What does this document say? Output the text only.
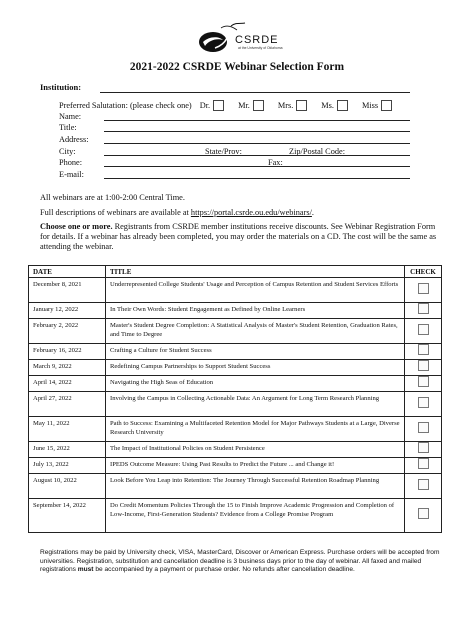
CSRDE
at the University of Oklahoma
2021-2022 CSRDE Webinar Selection Form
Institution:
Preferred Salutation: (please check one) Dr.	Mr.	Mrs.	Ms.	Miss
Name:
Title:
Address:
City:	State/Prov:	Zip/Postal Code:
Phone:	Fax:
E-mail:
All webinars are at 1:00-2:00 Central Time.
Full descriptions of webinars are available at https://portal.csrde.ou.edu/webinars/.
Choose one or more. Registrants from CSRDE member institutions receive discounts. See Webinar Registration Form for details. If a webinar has already been completed, you may order the materials on a CD. The cost will be the same as attending the webinar.
DATE	TITLE	CHECK
December 8, 2021	Underrepresented College Students' Usage and Perception of Campus Retention and Student Services Efforts	
January 12, 2022	In Their Own Words: Student Engagement as Defined by Online Learners	
February 2, 2022	Master's Student Degree Completion: A Statistical Analysis of Master's Student Retention, Graduation Rates, and Time to Degree	
February 16, 2022	Crafting a Culture for Student Success	
March 9, 2022	Redefining Campus Partnerships to Support Student Success	
April 14, 2022	Navigating the High Seas of Education	
April 27, 2022	Involving the Campus in Collecting Actionable Data: An Argument for Long Term Research Planning	
May 11, 2022	Path to Success: Examining a Multifaceted Retention Model for Major Pathways Students at a Large, Diverse Research University	
June 15, 2022	The Impact of Institutional Policies on Student Persistence	
July 13, 2022	IPEDS Outcome Measure: Using Past Results to Predict the Future ... and Change it!	
August 10, 2022	Look Before You Leap into Retention: The Journey Through Successful Retention Roadmap Planning	
September 14, 2022	Do Credit Momentum Policies Through the 15 to Finish Improve Academic Progression and Completion of Low-Income, First-Generation Students? Evidence from a College Promise Program	
Registrations may be paid by University check, VISA, MasterCard, Discover or American Express. Purchase orders will be accepted from universities. Registration, substitution and cancellation deadline is 3 business days prior to the day of webinar. All faxed and mailed registrations must be accompanied by a payment or purchase order. No refunds after cancellation deadline.
